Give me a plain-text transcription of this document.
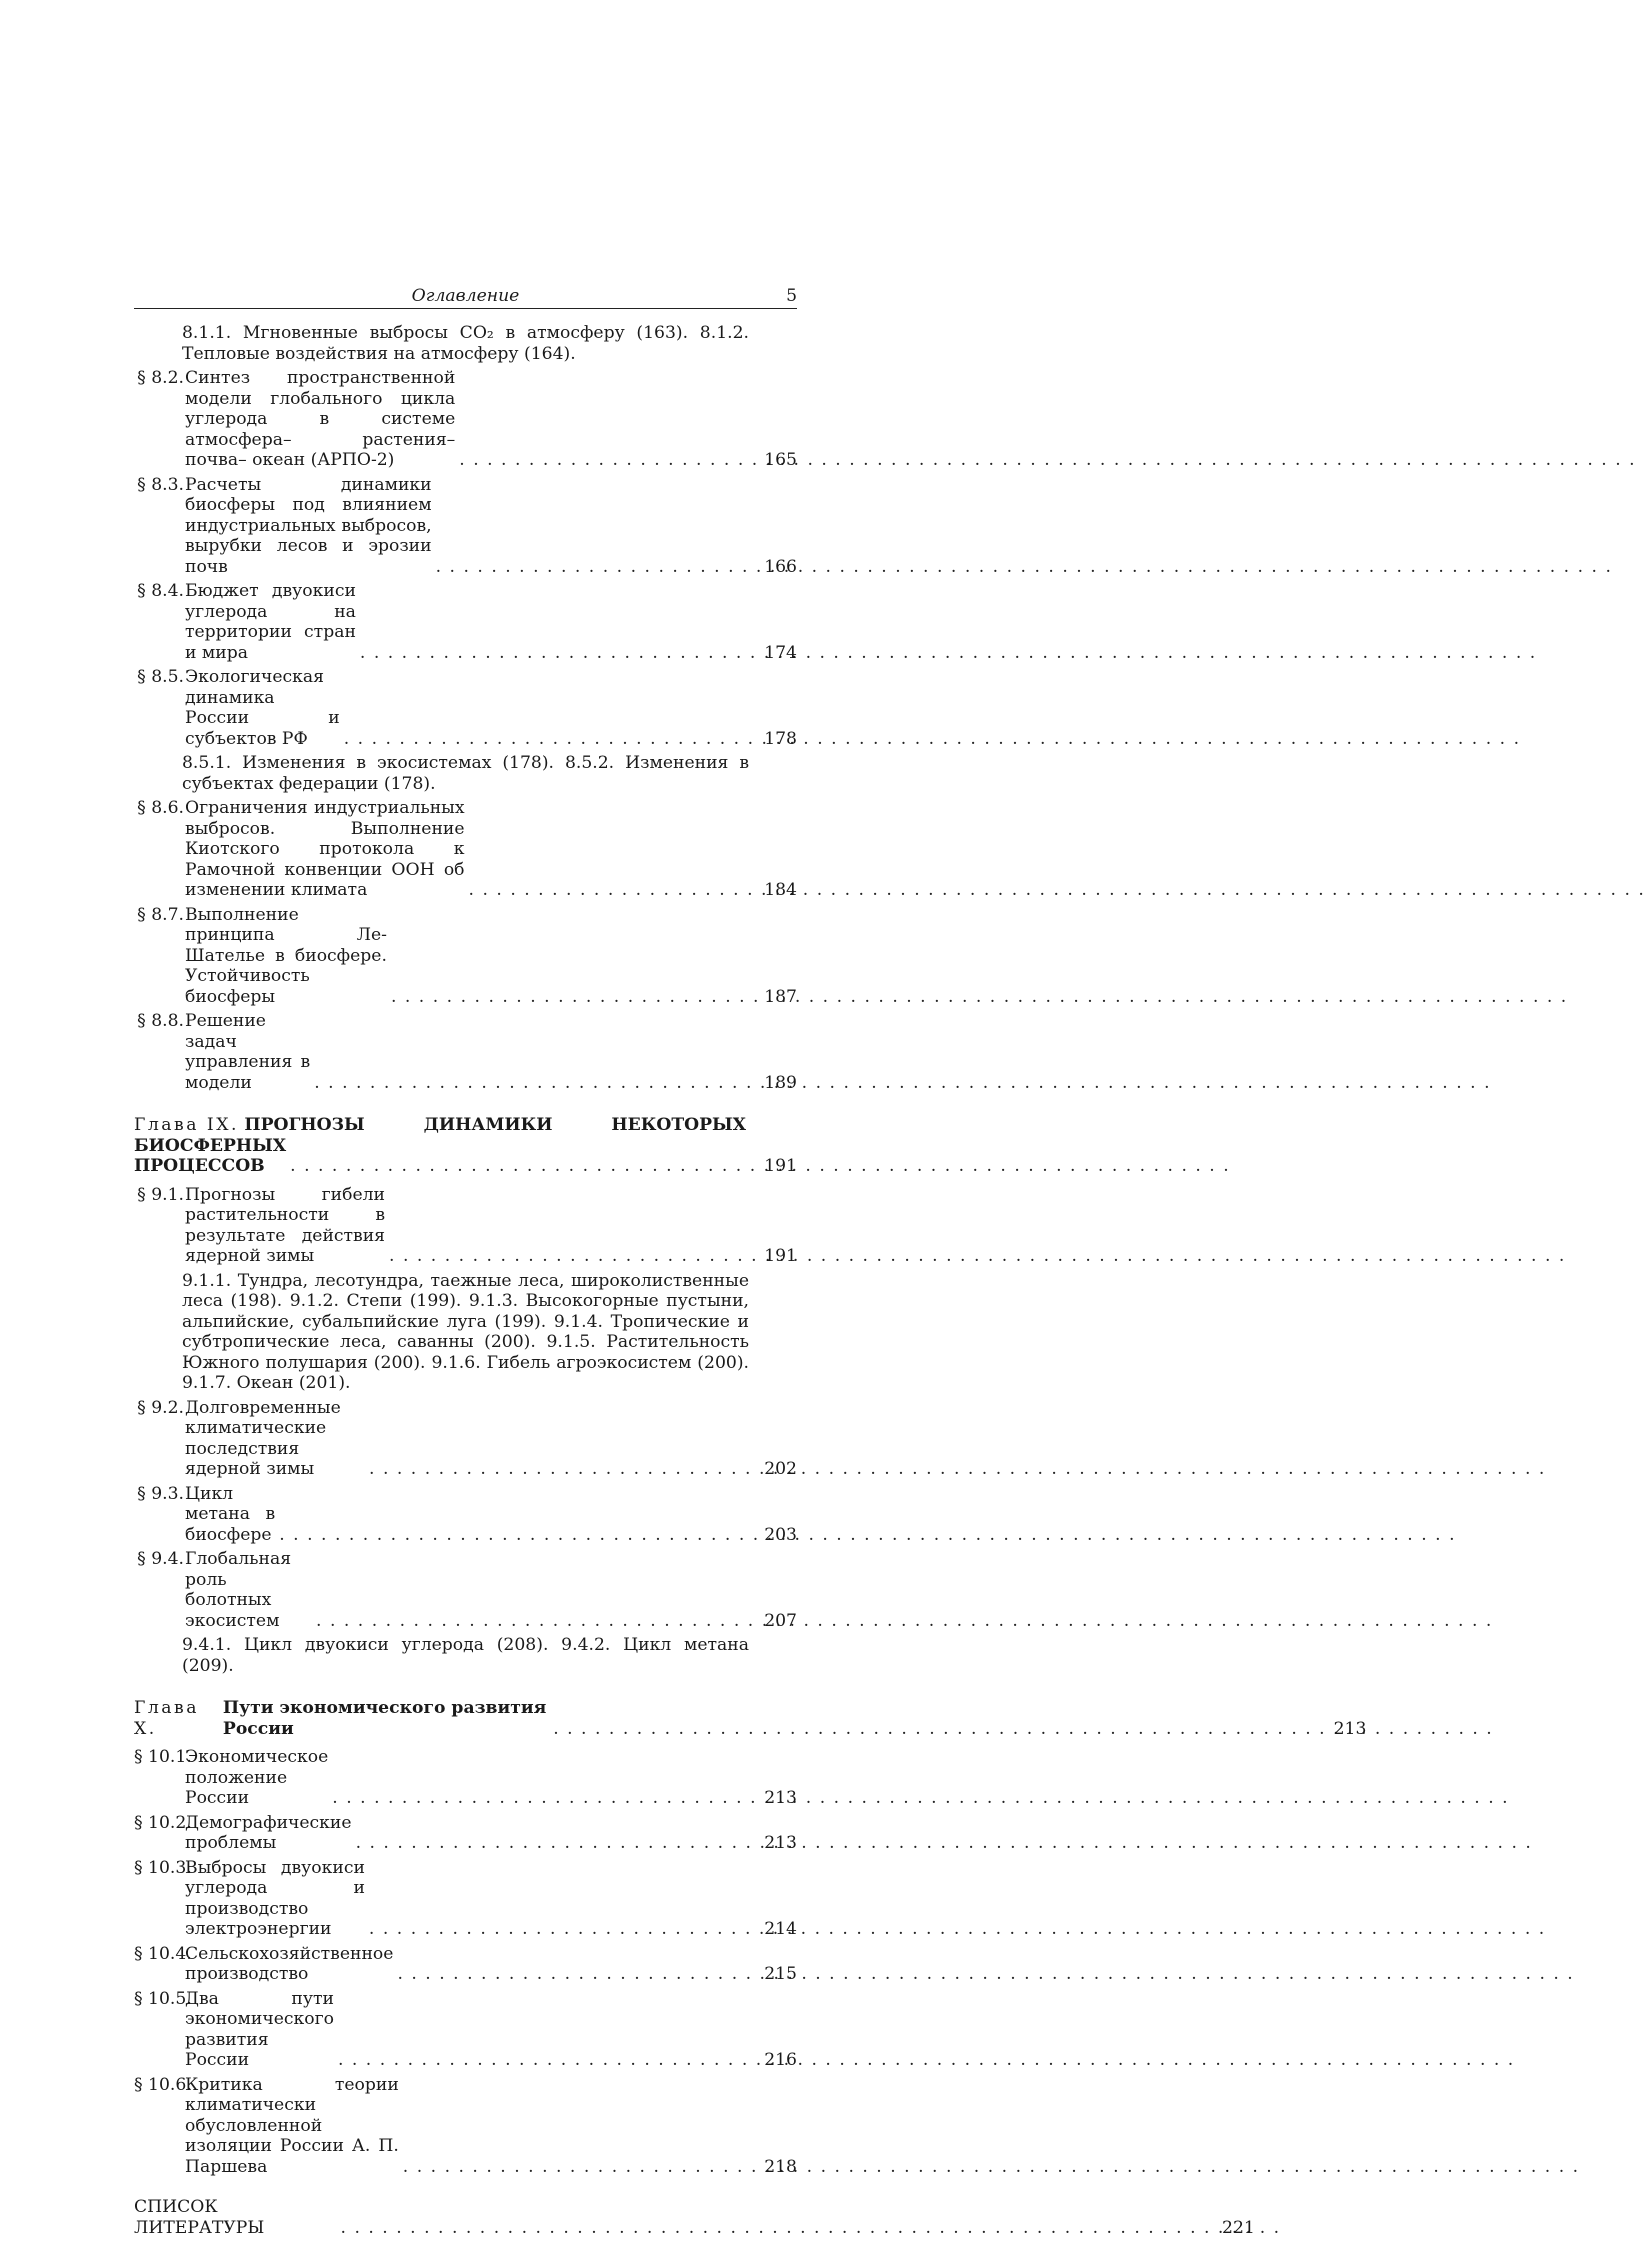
Оглавление	5
8.1.1. Мгновенные выбросы CO₂ в атмосферу (163). 8.1.2. Тепловые воздействия на атмосферу (164).
§ 8.2. Синтез пространственной модели глобального цикла углерода в системе атмосфера– растения– почва– океан (АРПО-2) . . .	165
§ 8.3. Расчеты динамики биосферы под влиянием индустриальных выбросов, вырубки лесов и эрозии почв . . .	166
§ 8.4. Бюджет двуокиси углерода на территории стран и мира . . .	174
§ 8.5. Экологическая динамика России и субъектов РФ . . .	178
8.5.1. Изменения в экосистемах (178). 8.5.2. Изменения в субъектах федерации (178).
§ 8.6. Ограничения индустриальных выбросов. Выполнение Киотского протокола к Рамочной конвенции ООН об изменении климата . . .	184
§ 8.7. Выполнение принципа Ле-Шателье в биосфере. Устойчивость биосферы . . .	187
§ 8.8. Решение задач управления в модели . . .	189
Глава IX. ПРОГНОЗЫ	ДИНАМИКИ	НЕКОТОРЫХ
БИОСФЕРНЫХ ПРОЦЕССОВ . . .	191
§ 9.1. Прогнозы гибели растительности в результате действия ядерной зимы . . .	191
9.1.1. Тундра, лесотундра, таежные леса, широколиственные леса (198). 9.1.2. Степи (199). 9.1.3. Высокогорные пустыни, альпийские, субальпийские луга (199). 9.1.4. Тропические и субтропические леса, саванны (200). 9.1.5. Растительность Южного полушария (200). 9.1.6. Гибель агроэкосистем (200). 9.1.7. Океан (201).
§ 9.2. Долговременные климатические последствия ядерной зимы . . .	202
§ 9.3. Цикл метана в биосфере . . .	203
§ 9.4. Глобальная роль болотных экосистем . . .	207
9.4.1. Цикл двуокиси углерода (208). 9.4.2. Цикл метана (209).
Глава X.

Пути экономического развития России . . .	213
§ 10.1.
Экономическое положение России . . .	213
§ 10.2.
Демографические проблемы . . .	213
§ 10.3.
Выбросы двуокиси углерода и производство электроэнергии . . .	214
§ 10.4.
Сельскохозяйственное производство . . .	215
§ 10.5.
Два пути экономического развития России . . .	216
§ 10.6.
Критика теории климатически обусловленной изоляции России А. П. Паршева . . .	218
СПИСОК ЛИТЕРАТУРЫ . . .	221
